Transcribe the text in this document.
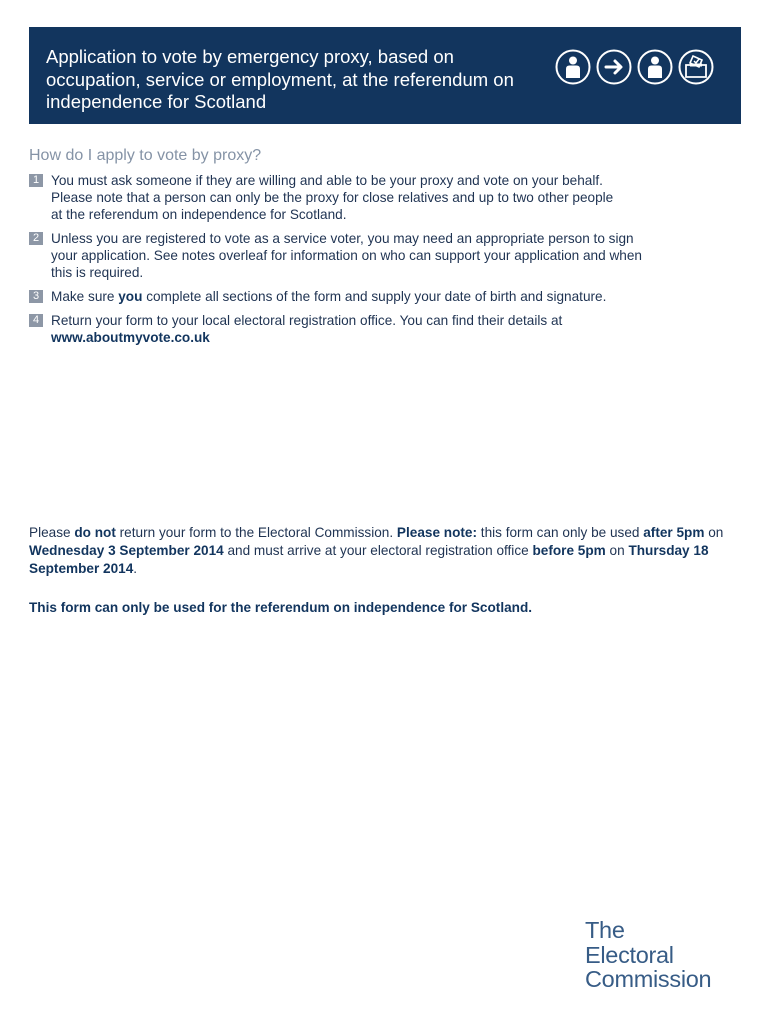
Application to vote by emergency proxy, based on occupation, service or employment, at the referendum on independence for Scotland
How do I apply to vote by proxy?
1 You must ask someone if they are willing and able to be your proxy and vote on your behalf.
Please note that a person can only be the proxy for close relatives and up to two other people
at the referendum on independence for Scotland.
2 Unless you are registered to vote as a service voter, you may need an appropriate person to sign
your application. See notes overleaf for information on who can support your application and when
this is required.
3 Make sure you complete all sections of the form and supply your date of birth and signature.
4 Return your form to your local electoral registration office. You can find their details at
www.aboutmyvote.co.uk

Please do not return your form to the Electoral Commission. Please note: this form can only be used after 5pm on Wednesday 3 September 2014 and must arrive at your electoral registration office before 5pm on Thursday 18 September 2014.

This form can only be used for the referendum on independence for Scotland.

The
Electoral
Commission
